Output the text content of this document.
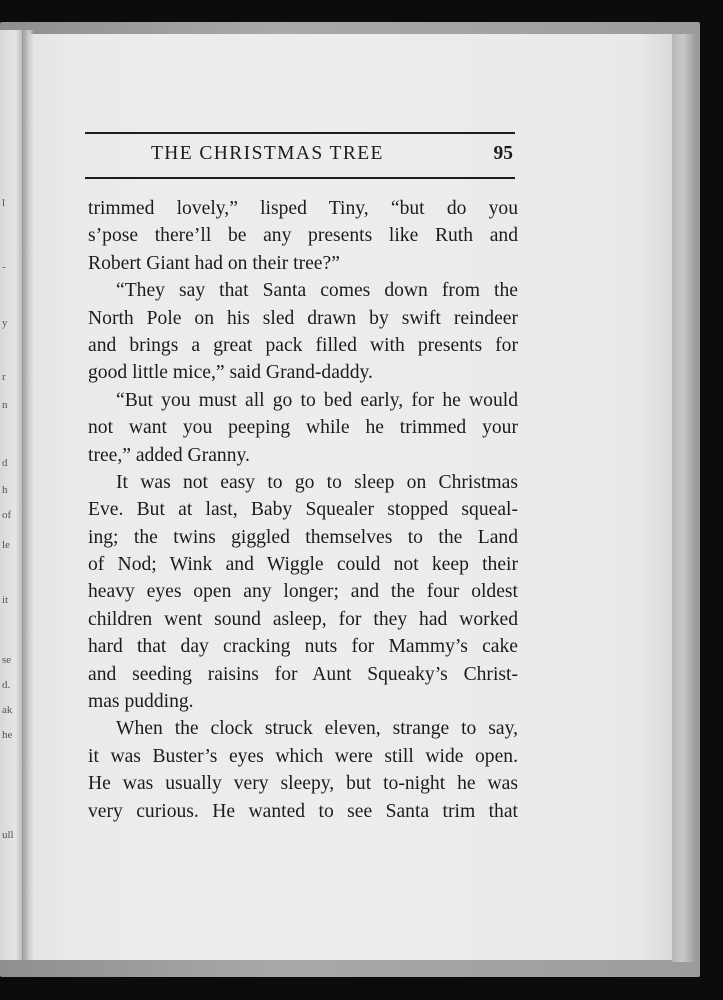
l
-
y
r
n
d
h
of
le
it
se
d.
ak
he
ull
THE CHRISTMAS TREE	95
trimmed lovely,” lisped Tiny, “but do you
s’pose there’ll be any presents like Ruth and
Robert Giant had on their tree?”
“They say that Santa comes down from the
North Pole on his sled drawn by swift reindeer
and brings a great pack filled with presents for
good little mice,” said Grand-daddy.
“But you must all go to bed early, for he would
not want you peeping while he trimmed your
tree,” added Granny.
It was not easy to go to sleep on Christmas
Eve. But at last, Baby Squealer stopped squeal-
ing; the twins giggled themselves to the Land
of Nod; Wink and Wiggle could not keep their
heavy eyes open any longer; and the four oldest
children went sound asleep, for they had worked
hard that day cracking nuts for Mammy’s cake
and seeding raisins for Aunt Squeaky’s Christ-
mas pudding.
When the clock struck eleven, strange to say,
it was Buster’s eyes which were still wide open.
He was usually very sleepy, but to-night he was
very curious. He wanted to see Santa trim that
